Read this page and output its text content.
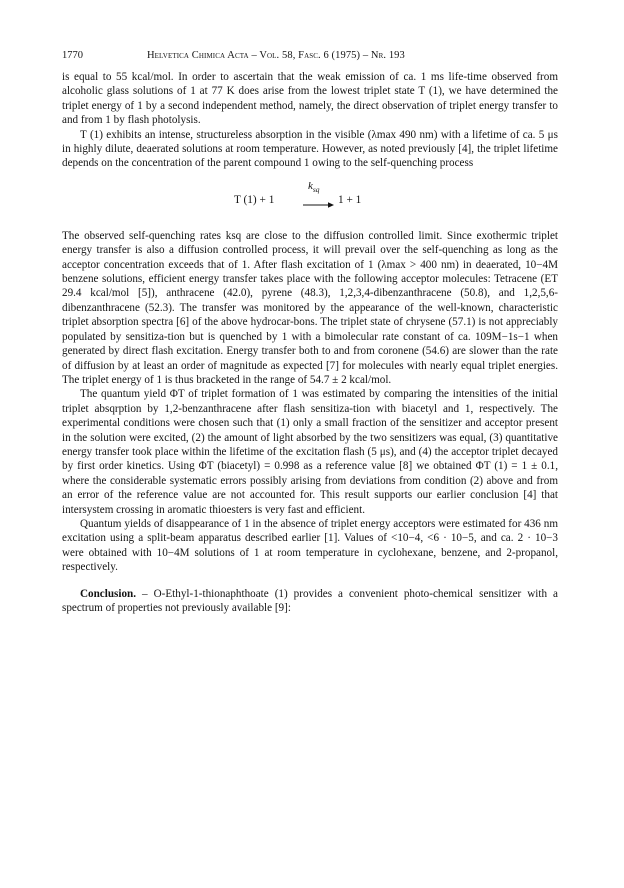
1770	Helvetica Chimica Acta – Vol. 58, Fasc. 6 (1975) – Nr. 193

is equal to 55 kcal/mol. In order to ascertain that the weak emission of ca. 1 ms life-time observed from alcoholic glass solutions of 1 at 77 K does arise from the lowest triplet state T (1), we have determined the triplet energy of 1 by a second independent method, namely, the direct observation of triplet energy transfer to and from 1 by flash photolysis.

T (1) exhibits an intense, structureless absorption in the visible (λmax 490 nm) with a lifetime of ca. 5 μs in highly dilute, deaerated solutions at room temperature. However, as noted previously [4], the triplet lifetime depends on the concentration of the parent compound 1 owing to the self-quenching process

T (1) + 1
$k_{sq}$
1 + 1

The observed self-quenching rates ksq are close to the diffusion controlled limit. Since exothermic triplet energy transfer is also a diffusion controlled process, it will prevail over the self-quenching as long as the acceptor concentration exceeds that of 1. After flash excitation of 1 (λmax > 400 nm) in deaerated, 10−4M benzene solutions, efficient energy transfer takes place with the following acceptor molecules: Tetracene (ET 29.4 kcal/mol [5]), anthracene (42.0), pyrene (48.3), 1,2,3,4-dibenzanthracene (50.8), and 1,2,5,6-dibenzanthracene (52.3). The transfer was monitored by the appearance of the well-known, characteristic triplet absorption spectra [6] of the above hydrocar-bons. The triplet state of chrysene (57.1) is not appreciably populated by sensitiza-tion but is quenched by 1 with a bimolecular rate constant of ca. 109M−1s−1 when generated by direct flash excitation. Energy transfer both to and from coronene (54.6) are slower than the rate of diffusion by at least an order of magnitude as expected [7] for molecules with nearly equal triplet energies. The triplet energy of 1 is thus bracketed in the range of 54.7 ± 2 kcal/mol.

The quantum yield ΦT of triplet formation of 1 was estimated by comparing the intensities of the initial triplet absqrption by 1,2-benzanthracene after flash sensitiza-tion with biacetyl and 1, respectively. The experimental conditions were chosen such that (1) only a small fraction of the sensitizer and acceptor present in the solution were excited, (2) the amount of light absorbed by the two sensitizers was equal, (3) quantitative energy transfer took place within the lifetime of the excitation flash (5 μs), and (4) the acceptor triplet decayed by first order kinetics. Using ΦT (biacetyl) = 0.998 as a reference value [8] we obtained ΦT (1) = 1 ± 0.1, where the considerable systematic errors possibly arising from deviations from condition (2) above and from an error of the reference value are not accounted for. This result supports our earlier conclusion [4] that intersystem crossing in aromatic thioesters is very fast and efficient.

Quantum yields of disappearance of 1 in the absence of triplet energy acceptors were estimated for 436 nm excitation using a split-beam apparatus described earlier [1]. Values of <10−4, <6 · 10−5, and ca. 2 · 10−3 were obtained with 10−4M solutions of 1 at room temperature in cyclohexane, benzene, and 2-propanol, respectively.

Conclusion. – O-Ethyl-1-thionaphthoate (1) provides a convenient photo-chemical sensitizer with a spectrum of properties not previously available [9]:
